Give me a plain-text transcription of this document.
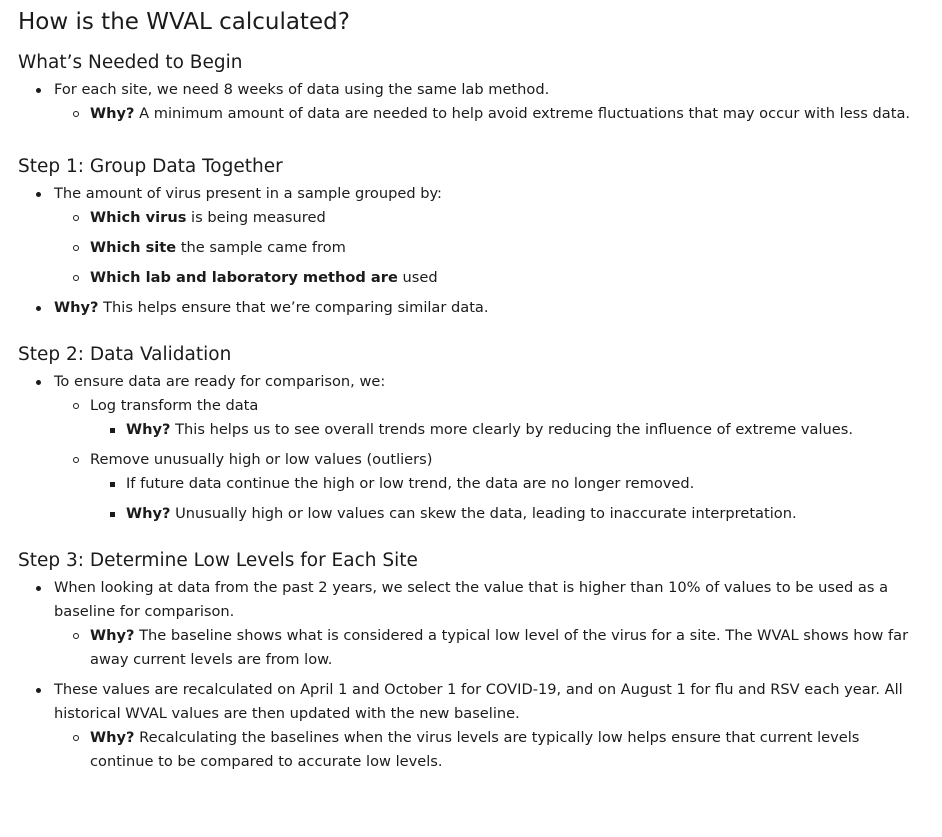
How is the WVAL calculated?
What’s Needed to Begin
For each site, we need 8 weeks of data using the same lab method.
Why? A minimum amount of data are needed to help avoid extreme fluctuations that may occur with less data.
Step 1: Group Data Together
The amount of virus present in a sample grouped by:
Which virus is being measured
Which site the sample came from
Which lab and laboratory method are used
Why? This helps ensure that we’re comparing similar data.
Step 2: Data Validation
To ensure data are ready for comparison, we:
Log transform the data
Why? This helps us to see overall trends more clearly by reducing the influence of extreme values.
Remove unusually high or low values (outliers)
If future data continue the high or low trend, the data are no longer removed.
Why? Unusually high or low values can skew the data, leading to inaccurate interpretation.
Step 3: Determine Low Levels for Each Site
When looking at data from the past 2 years, we select the value that is higher than 10% of values to be used as a baseline for comparison.
Why? The baseline shows what is considered a typical low level of the virus for a site. The WVAL shows how far away current levels are from low.
These values are recalculated on April 1 and October 1 for COVID-19, and on August 1 for flu and RSV each year. All historical WVAL values are then updated with the new baseline.
Why? Recalculating the baselines when the virus levels are typically low helps ensure that current levels continue to be compared to accurate low levels.
